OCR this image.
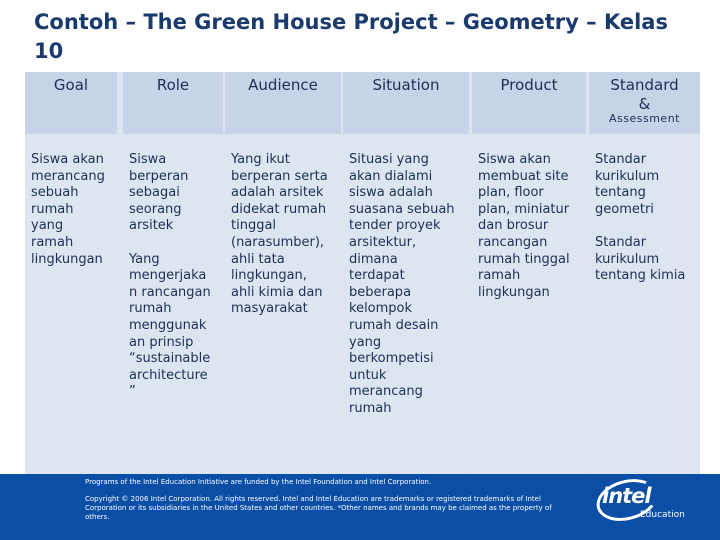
Contoh – The Green House Project – Geometry – Kelas 10
Goal
Siswa akan
merancang
sebuah
rumah
yang
ramah
lingkungan
Role
Siswa
berperan
sebagai
seorang
arsitek

Yang
mengerjaka
n rancangan
rumah
menggunak
an prinsip
“sustainable
architecture
”
Audience
Yang ikut
berperan serta
adalah arsitek
didekat rumah
tinggal
(narasumber),
ahli tata
lingkungan,
ahli kimia dan
masyarakat
Situation
Situasi yang
akan dialami
siswa adalah
suasana sebuah
tender proyek
arsitektur,
dimana
terdapat
beberapa
kelompok
rumah desain
yang
berkompetisi
untuk
merancang
rumah
Product
Siswa akan
membuat site
plan, floor
plan, miniatur
dan brosur
rancangan
rumah tinggal
ramah
lingkungan
Standard
&
Assessment
Standar
kurikulum
tentang
geometri

Standar
kurikulum
tentang kimia
Programs of the Intel Education Initiative are funded by the Intel Foundation and Intel Corporation.
Copyright © 2006 Intel Corporation. All rights reserved. Intel and Intel Education are trademarks or registered trademarks of Intel Corporation or its subsidiaries in the United States and other countries. *Other names and brands may be claimed as the property of others.
intel
Education
